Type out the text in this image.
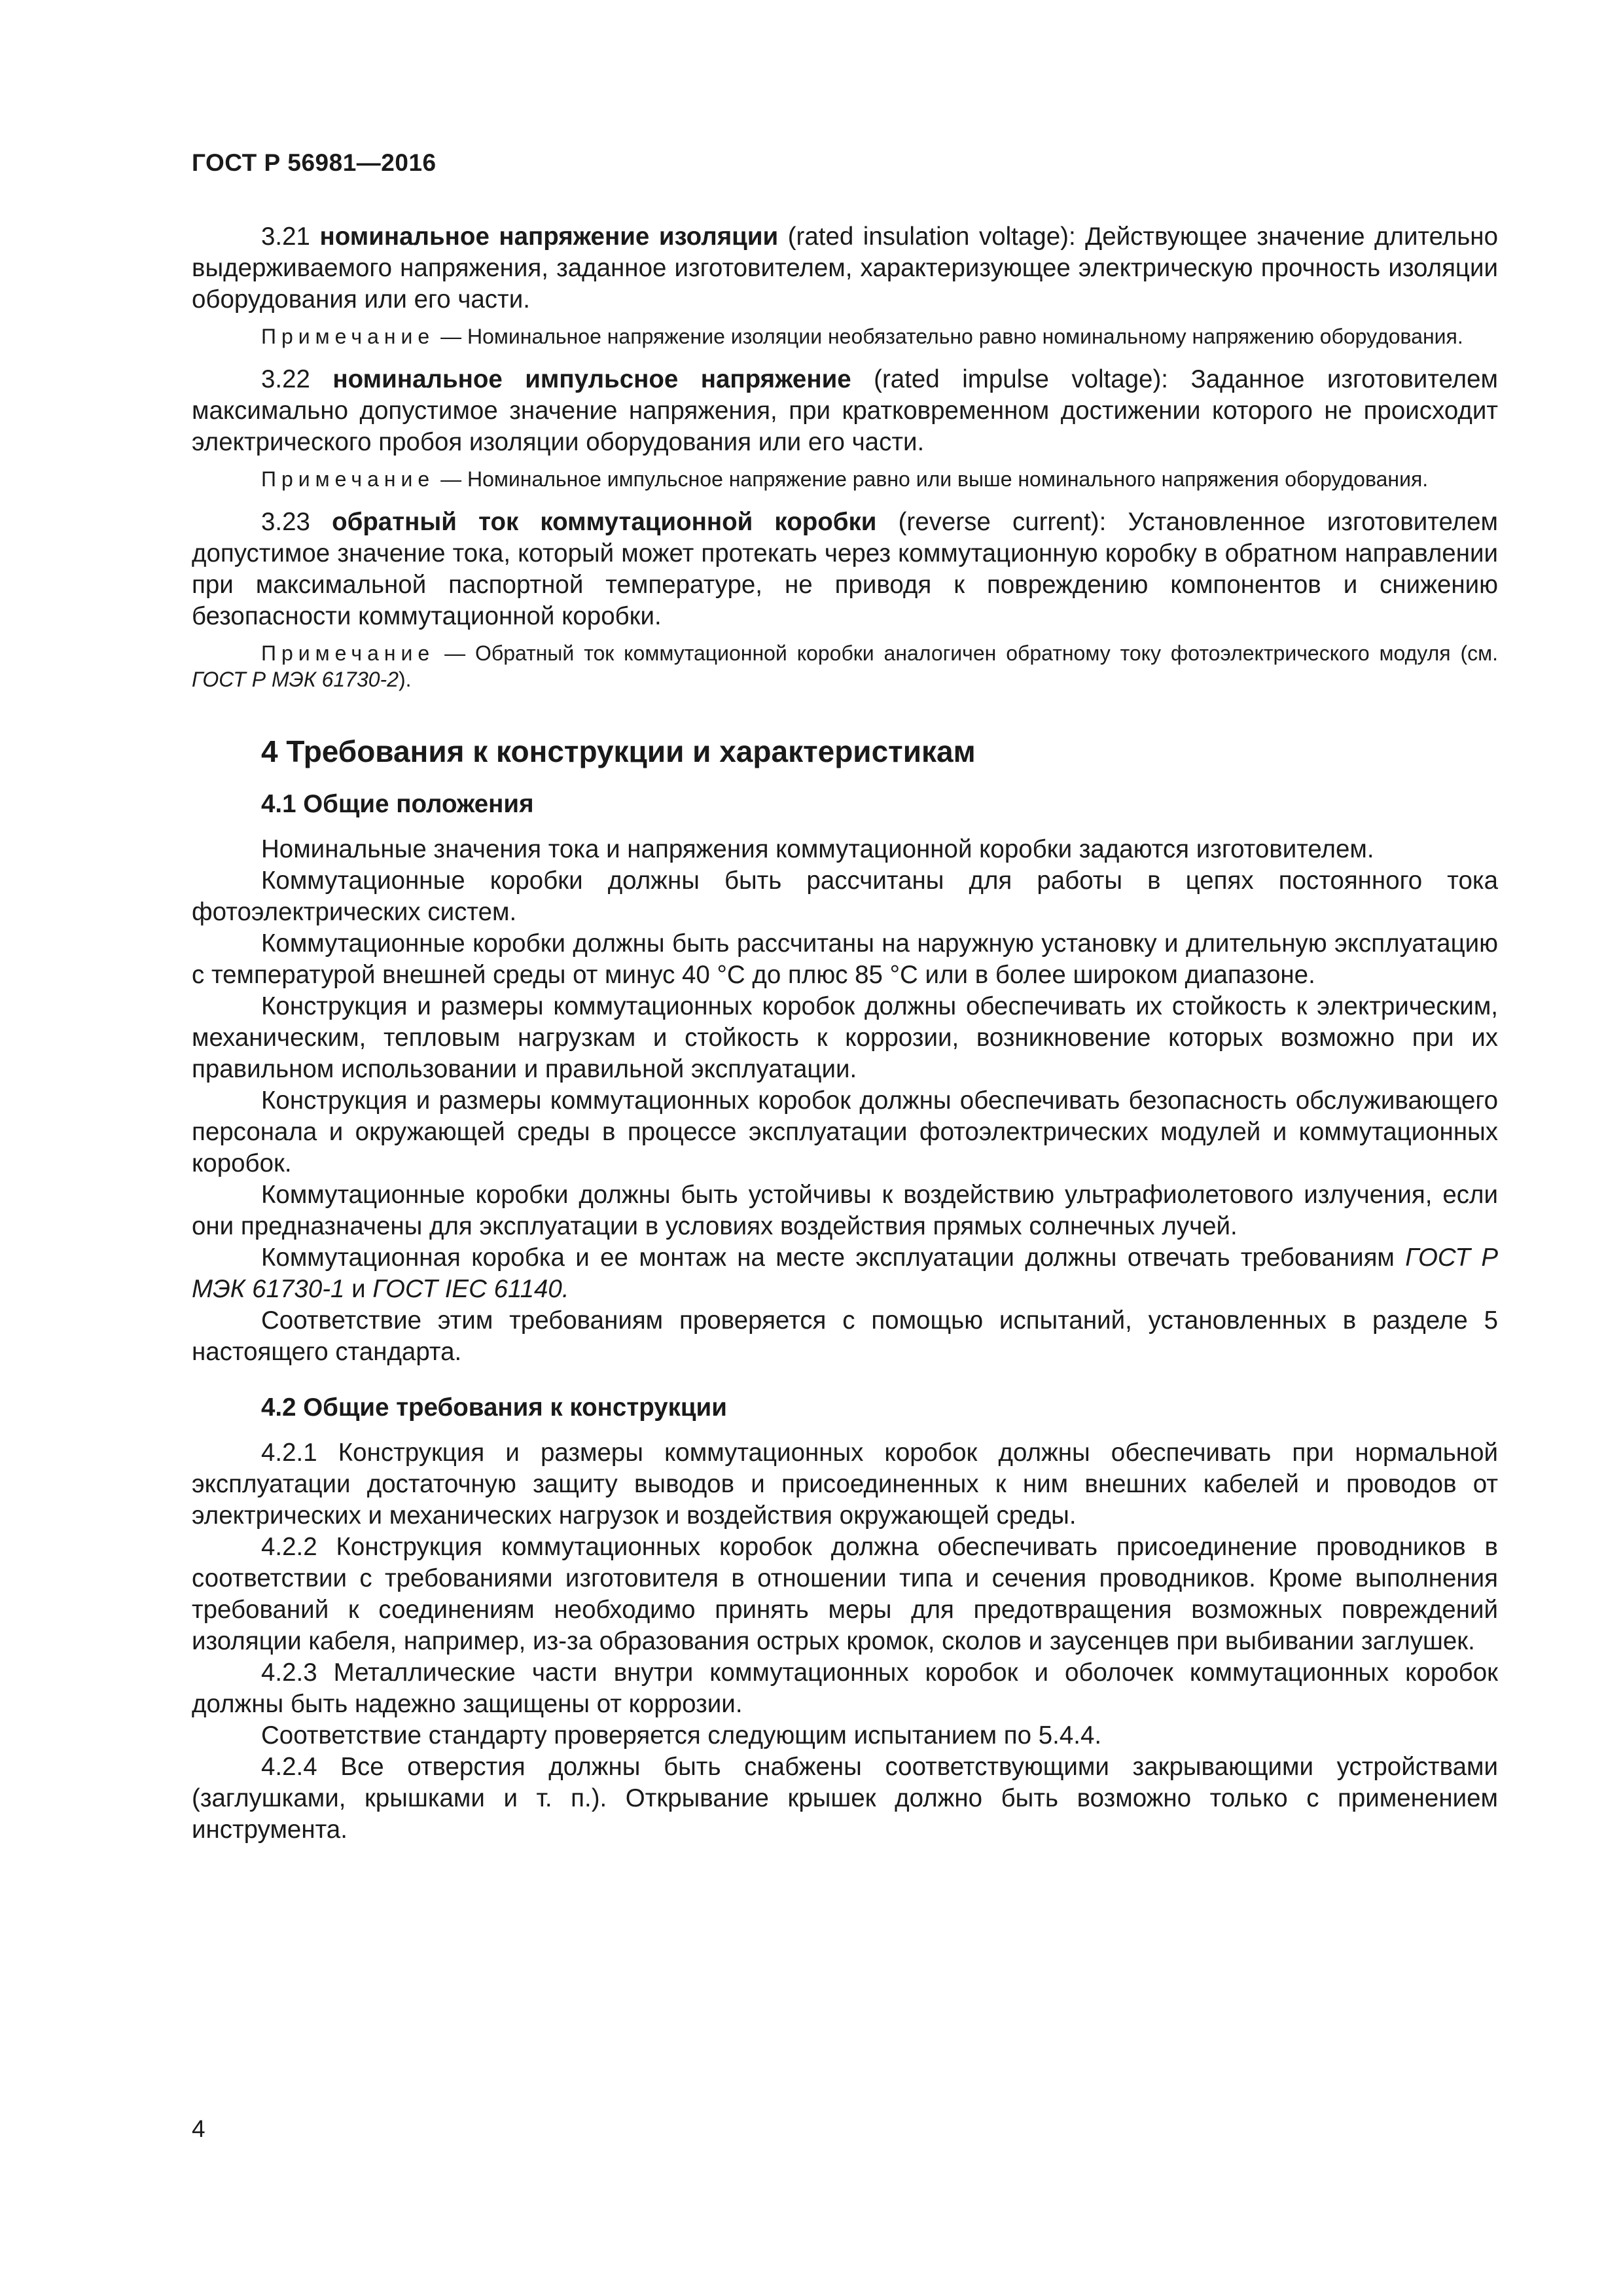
ГОСТ Р 56981—2016

3.21 номинальное напряжение изоляции (rated insulation voltage): Действующее значение длительно выдерживаемого напряжения, заданное изготовителем, характеризующее электрическую прочность изоляции оборудования или его части.

Примечание — Номинальное напряжение изоляции необязательно равно номинальному напряжению оборудования.

3.22 номинальное импульсное напряжение (rated impulse voltage): Заданное изготовителем максимально допустимое значение напряжения, при кратковременном достижении которого не происходит электрического пробоя изоляции оборудования или его части.

Примечание — Номинальное импульсное напряжение равно или выше номинального напряжения оборудования.

3.23 обратный ток коммутационной коробки (reverse current): Установленное изготовителем допустимое значение тока, который может протекать через коммутационную коробку в обратном направлении при максимальной паспортной температуре, не приводя к повреждению компонентов и снижению безопасности коммутационной коробки.

Примечание — Обратный ток коммутационной коробки аналогичен обратному току фотоэлектрического модуля (см. ГОСТ Р МЭК 61730-2).

4 Требования к конструкции и характеристикам
4.1 Общие положения

Номинальные значения тока и напряжения коммутационной коробки задаются изготовителем.

Коммутационные коробки должны быть рассчитаны для работы в цепях постоянного тока фотоэлектрических систем.

Коммутационные коробки должны быть рассчитаны на наружную установку и длительную эксплуатацию с температурой внешней среды от минус 40 °С до плюс 85 °С или в более широком диапазоне.

Конструкция и размеры коммутационных коробок должны обеспечивать их стойкость к электрическим, механическим, тепловым нагрузкам и стойкость к коррозии, возникновение которых возможно при их правильном использовании и правильной эксплуатации.

Конструкция и размеры коммутационных коробок должны обеспечивать безопасность обслуживающего персонала и окружающей среды в процессе эксплуатации фотоэлектрических модулей и коммутационных коробок.

Коммутационные коробки должны быть устойчивы к воздействию ультрафиолетового излучения, если они предназначены для эксплуатации в условиях воздействия прямых солнечных лучей.

Коммутационная коробка и ее монтаж на месте эксплуатации должны отвечать требованиям ГОСТ Р МЭК 61730-1 и ГОСТ IEC 61140.

Соответствие этим требованиям проверяется с помощью испытаний, установленных в разделе 5 настоящего стандарта.

4.2 Общие требования к конструкции

4.2.1 Конструкция и размеры коммутационных коробок должны обеспечивать при нормальной эксплуатации достаточную защиту выводов и присоединенных к ним внешних кабелей и проводов от электрических и механических нагрузок и воздействия окружающей среды.

4.2.2 Конструкция коммутационных коробок должна обеспечивать присоединение проводников в соответствии с требованиями изготовителя в отношении типа и сечения проводников. Кроме выполнения требований к соединениям необходимо принять меры для предотвращения возможных повреждений изоляции кабеля, например, из-за образования острых кромок, сколов и заусенцев при выбивании заглушек.

4.2.3 Металлические части внутри коммутационных коробок и оболочек коммутационных коробок должны быть надежно защищены от коррозии.

Соответствие стандарту проверяется следующим испытанием по 5.4.4.

4.2.4 Все отверстия должны быть снабжены соответствующими закрывающими устройствами (заглушками, крышками и т. п.). Открывание крышек должно быть возможно только с применением инструмента.

4
